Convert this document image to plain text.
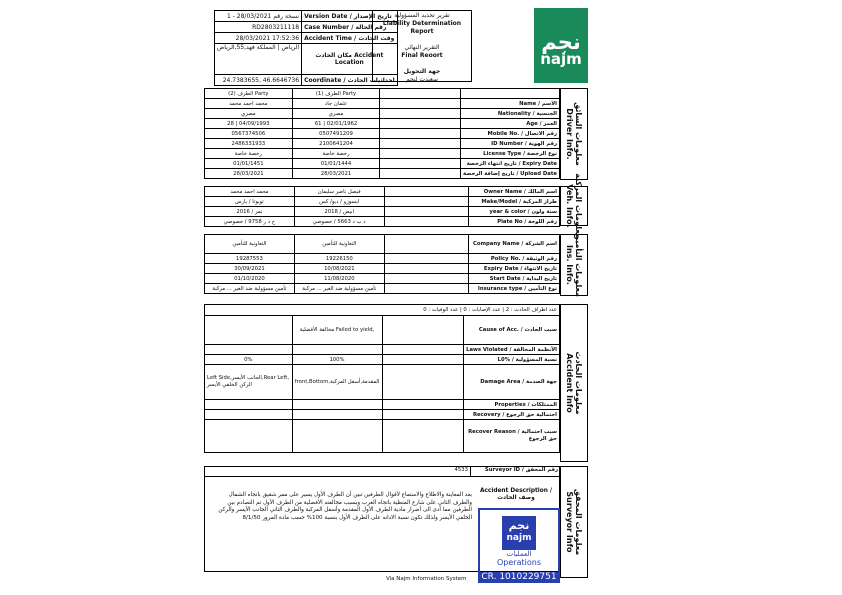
1 - نسخة رقم 28/03/2021	Version Date / تاريخ الإصدار
RD2803211118	Case Number / رقم الحالة
28/03/2021 17:52:36	Accident Time / وقت الحادث
الرياض | المملكة فهد,55,الرياض	مكان الحادث Accident Location
24.7383655, 46.6646736	Coordinate / احداثيات الحادث
تقرير تحديد المسؤولية
Liability Determination Report
التقرير النهائي
Final Reoort
جهة التحويل
سعيدت لنجم
نجم
najm
الطرف (2) Party	الطرف (1) Party		
محمد احمد محمد	عثمان جاد		Name / الاسم
مصري	مصري		Nationality / الجنسية
28 | 04/09/1993	61 | 02/01/1962		Age / العمر
0567374506	0507491209		Mobile No. / رقم الاتصال
2486331933	2100641204		ID Number / رقم الهوية
رخصة خاصة	رخصة خاصة		License Type / نوع الرخصة
01/01/1451	01/01/1444		تاريخ انتهاء الرخصة / Expiry Date
28/03/2021	28/03/2021		تاريخ إضافة الرخصة / Upload Date
معلومات السائق
Driver Info.
محمد احمد محمد	فيصل ناصر سليمان		Owner Name / اسم المالك
تويوتا / يارس	ايسوزو / ديو/ كس		Make/Model / طراز المركبة
نمر / 2016	ابيض / 2018		year & color / سنة ولون
ح د ر 9758 / خصوصي	د ب د 5663 / خصوصي		Plate No / رقم اللوحة معلومات المركبة
Veh. Info.
التعاونية للتأمين	التعاونية للتأمين		Company Name / اسم الشركة
19287553	19226150		Policy No. / رقم الوثيقة
30/09/2021	10/08/2021		Expiry Date / تاريخ الانتهاء
01/10/2020	11/08/2020		Start Date / تاريخ البداية
تأمين مسؤولية ضد الغير ... مركبة	تأمين مسؤولية ضد الغير ... مركبة		Insurance type / نوع التأمين معلومات التأمين
Ins. Info.
عدد اطراف الحادث : 2 | عدد الإصابات : 0 | عدد الوفيات : 0			
	مخالفة الأفضلية Failed to yield,		Cause of Acc. / سبب الحادث
			Laws Violated / الأنظمة المخالفة
0%	100%		L0% / نسبة المسؤولية
Left Side,الجانب الأيسر,Rear Left, الركن الخلفي الأيسر	front,Bottom,المقدمة,أسفل المركبة		Damage Area / جهة الصدمة
			Properties / الممتلكات
			Recovery / احتمالية حق الرجوع
			Recover Reason / سبب احتمالية حق الرجوع
معلومات الحادث
Accident Info
4533	Surveyor ID / رقم المحقق
Accident Description / وصف الحادث
بعد المعاينة والاطلاع والاستماع لأقوال الطرفين تبين أن الطرف الأول يسير على ممر شقيق باتجاه الشمال والطرف الثاني على شارع المنظية باتجاه الغرب وبسبب مخالفته الأفضلية من الطرف الأول تم التصادم بين الطرفين مما أدى الى أضرار مادية الطرف الأول المقدمة وأسفل المركبة والطرف الثاني الجانب الأيسر والركن الخلفي الأيسر ولذلك تكون نسبة الادانه على الطرف الأول بنسبة 100% حسب مادة المرور 8/1/50
نجم
najm
العمليات
Operations
CR. 1010229751
معلومات المحقق
Surveyor Info
Via Najm Information System
